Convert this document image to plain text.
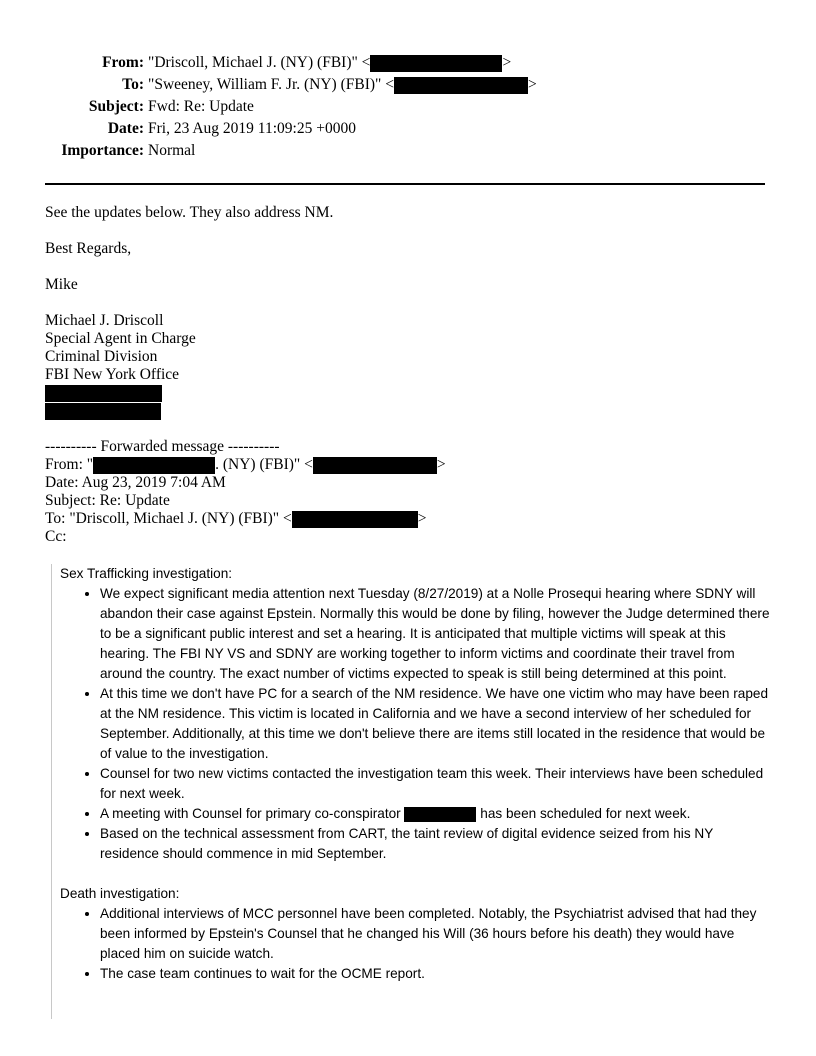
From: "Driscoll, Michael J. (NY) (FBI)" <	>
To: "Sweeney, William F. Jr. (NY) (FBI)" <	>
Subject: Fwd: Re: Update
Date: Fri, 23 Aug 2019 11:09:25 +0000
Importance: Normal

See the updates below. They also address NM.

Best Regards,

Mike

Michael J. Driscoll
Special Agent in Charge
Criminal Division
FBI New York Office
---------- Forwarded message ----------
From: "	. (NY) (FBI)" <	>
Date: Aug 23, 2019 7:04 AM
Subject: Re: Update
To: "Driscoll, Michael J. (NY) (FBI)" <	>
Cc:
Sex Trafficking investigation:
• We expect significant media attention next Tuesday (8/27/2019) at a Nolle Prosequi hearing where SDNY will abandon their case against Epstein. Normally this would be done by filing, however the Judge determined there to be a significant public interest and set a hearing. It is anticipated that multiple victims will speak at this hearing. The FBI NY VS and SDNY are working together to inform victims and coordinate their travel from around the country. The exact number of victims expected to speak is still being determined at this point.
• At this time we don't have PC for a search of the NM residence. We have one victim who may have been raped at the NM residence. This victim is located in California and we have a second interview of her scheduled for September. Additionally, at this time we don't believe there are items still located in the residence that would be of value to the investigation.
• Counsel for two new victims contacted the investigation team this week. Their interviews have been scheduled for next week.
• A meeting with Counsel for primary co-conspirator	has been scheduled for next week.
• Based on the technical assessment from CART, the taint review of digital evidence seized from his NY residence should commence in mid September.
Death investigation:
• Additional interviews of MCC personnel have been completed. Notably, the Psychiatrist advised that had they been informed by Epstein's Counsel that he changed his Will (36 hours before his death) they would have placed him on suicide watch.
• The case team continues to wait for the OCME report.
